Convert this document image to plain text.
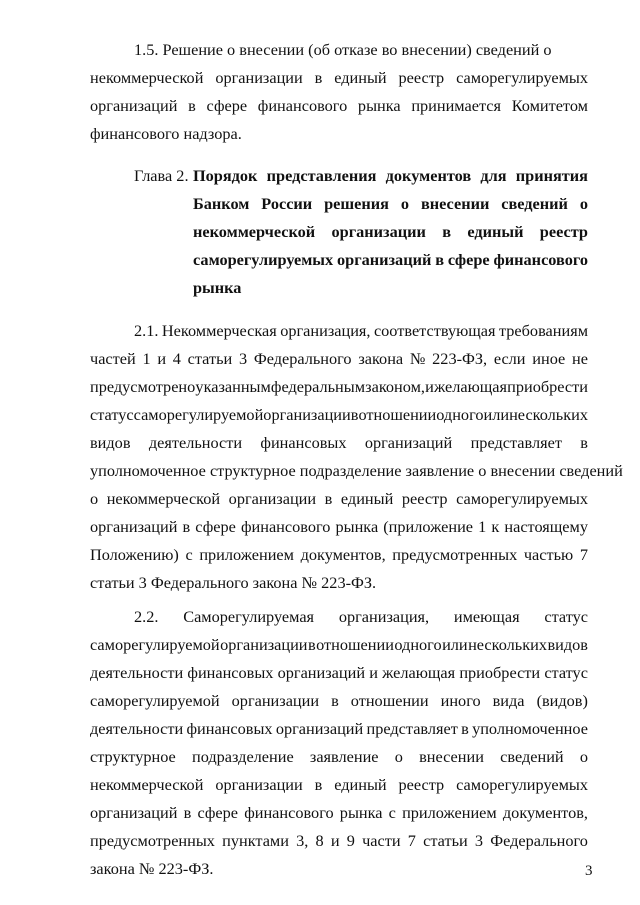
1.5. Решение о внесении (об отказе во внесении) сведений о
некоммерческой организации в единый реестр саморегулируемых
организаций в сфере финансового рынка принимается Комитетом
финансового надзора.
Глава 2. Порядок представления документов для принятия
Банком России решения о внесении сведений о
некоммерческой организации в единый реестр
саморегулируемых организаций в сфере финансового
рынка
2.1. Некоммерческая организация, соответствующая требованиям
частей 1 и 4 статьи 3 Федерального закона № 223-ФЗ, если иное не
предусмотрено указанным федеральным законом, и желающая приобрести
статус саморегулируемой организации в отношении одного или нескольких
видов деятельности финансовых организаций представляет в
уполномоченное структурное подразделение заявление о внесении сведений
о некоммерческой организации в единый реестр саморегулируемых
организаций в сфере финансового рынка (приложение 1 к настоящему
Положению) с приложением документов, предусмотренных частью 7
статьи 3 Федерального закона № 223-ФЗ.
2.2. Саморегулируемая организация, имеющая статус
саморегулируемой организации в отношении одного или нескольких видов
деятельности финансовых организаций и желающая приобрести статус
саморегулируемой организации в отношении иного вида (видов)
деятельности финансовых организаций представляет в уполномоченное
структурное подразделение заявление о внесении сведений о
некоммерческой организации в единый реестр саморегулируемых
организаций в сфере финансового рынка с приложением документов,
предусмотренных пунктами 3, 8 и 9 части 7 статьи 3 Федерального
закона № 223-ФЗ.	3
